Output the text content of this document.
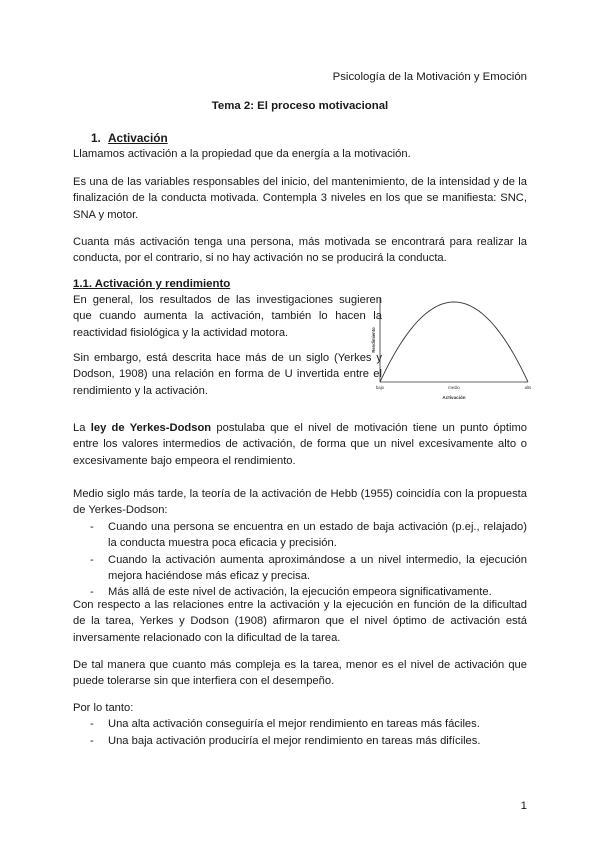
Psicología de la Motivación y Emoción
Tema 2: El proceso motivacional
1. Activación

Llamamos activación a la propiedad que da energía a la motivación.

Es una de las variables responsables del inicio, del mantenimiento, de la intensidad y de la finalización de la conducta motivada. Contempla 3 niveles en los que se manifiesta: SNC, SNA y motor.

Cuanta más activación tenga una persona, más motivada se encontrará para realizar la conducta, por el contrario, si no hay activación no se producirá la conducta.

1.1. Activación y rendimiento

En general, los resultados de las investigaciones sugieren que cuando aumenta la activación, también lo hacen la reactividad fisiológica y la actividad motora.

Sin embargo, está descrita hace más de un siglo (Yerkes y Dodson, 1908) una relación en forma de U invertida entre el rendimiento y la activación.	bajo	medio	alto
Activación
Rendimiento

La ley de Yerkes-Dodson postulaba que el nivel de motivación tiene un punto óptimo entre los valores intermedios de activación, de forma que un nivel excesivamente alto o excesivamente bajo empeora el rendimiento.

Medio siglo más tarde, la teoría de la activación de Hebb (1955) coincidía con la propuesta de Yerkes-Dodson:

- Cuando una persona se encuentra en un estado de baja activación (p.ej., relajado) la conducta muestra poca eficacia y precisión.
- Cuando la activación aumenta aproximándose a un nivel intermedio, la ejecución mejora haciéndose más eficaz y precisa.
- Más allá de este nivel de activación, la ejecución empeora significativamente.

Con respecto a las relaciones entre la activación y la ejecución en función de la dificultad de la tarea, Yerkes y Dodson (1908) afirmaron que el nivel óptimo de activación está inversamente relacionado con la dificultad de la tarea.

De tal manera que cuanto más compleja es la tarea, menor es el nivel de activación que puede tolerarse sin que interfiera con el desempeño.

Por lo tanto:

- Una alta activación conseguiría el mejor rendimiento en tareas más fáciles.
- Una baja activación produciría el mejor rendimiento en tareas más difíciles.
1
